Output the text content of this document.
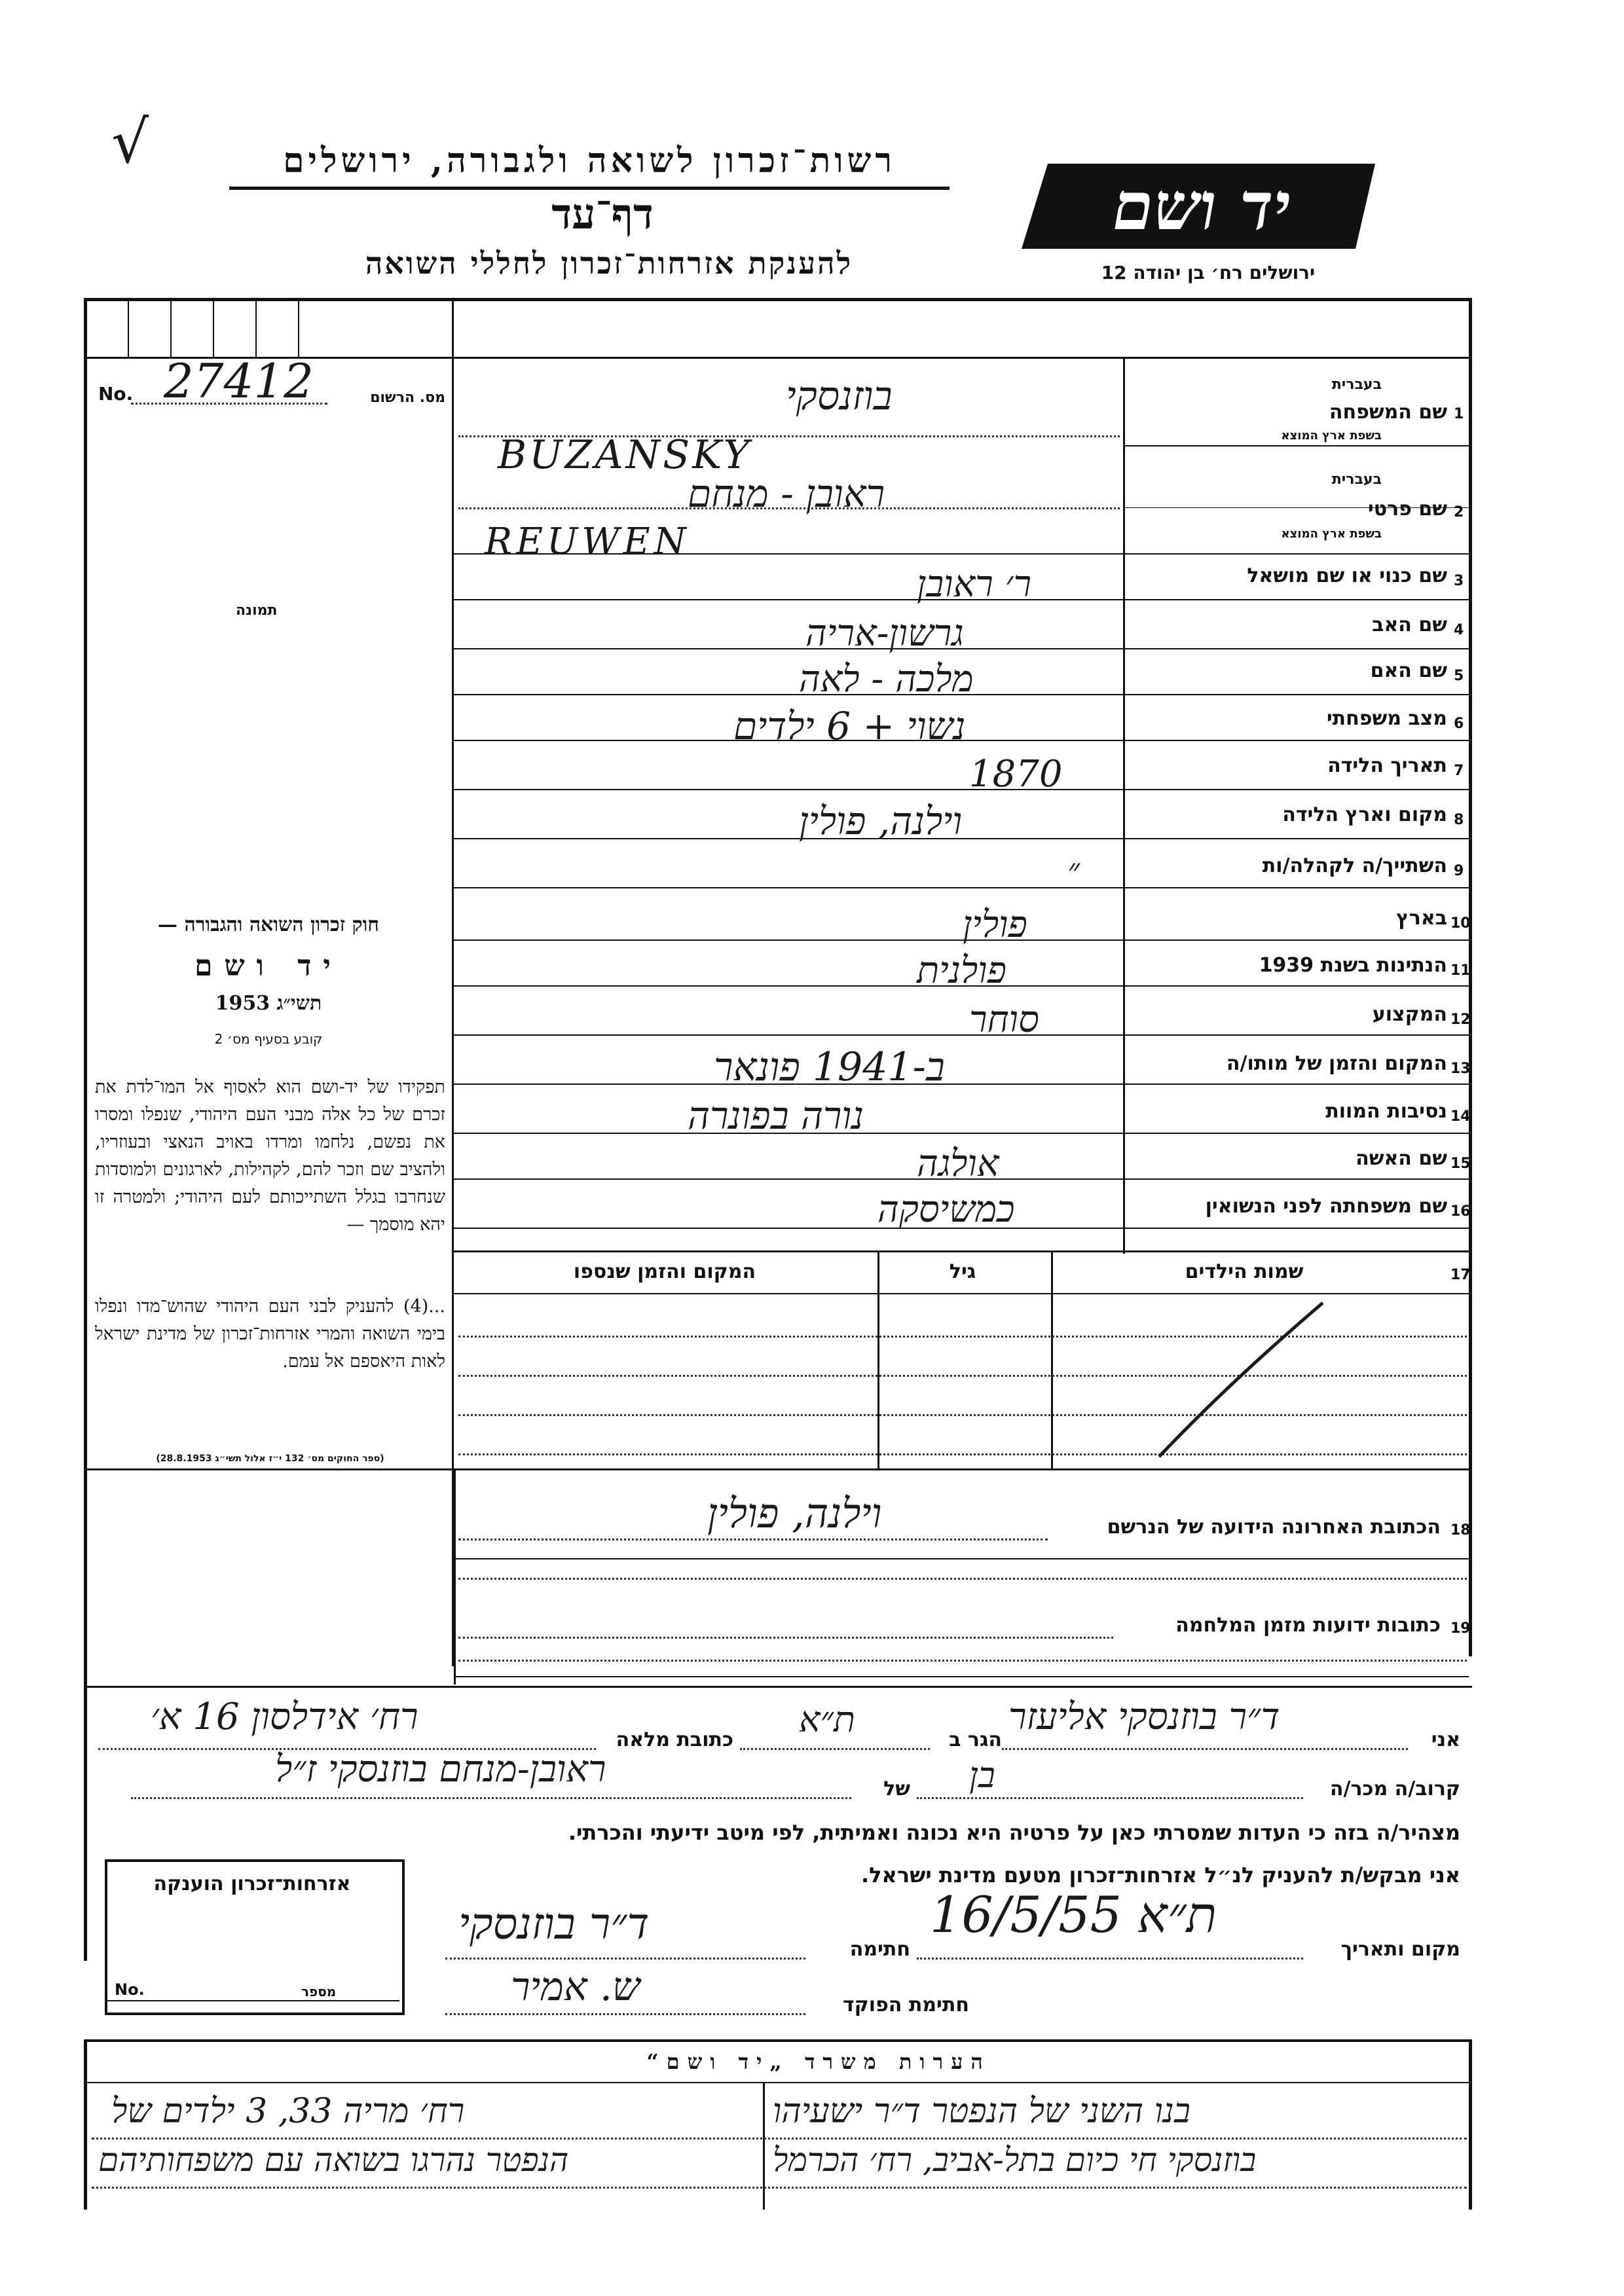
√	רשות־זכרון לשואה ולגבורה, ירושלים
דף־עד
להענקת אזרחות־זכרון לחללי השואה
יד ושם
ירושלים רח׳ בן יהודה 12
No. 27412	מס. הרשום
תמונה
חוק זכרון השואה והגבורה —
יד ושם
תשי״ג 1953
קובע בסעיף מס׳ 2
תפקידו של יד-ושם הוא לאסוף אל המו־לדת את זכרם של כל אלה מבני העם היהודי, שנפלו ומסרו את נפשם, נלחמו ומרדו באויב הנאצי ובעוזריו, ולהציב שם וזכר להם, לקהילות, לארגונים ולמוסדות שנחרבו בגלל השתייכותם לעם היהודי; ולמטרה זו יהא מוסמך —
...(4) להעניק לבני העם היהודי שהוש־מדו ונפלו בימי השואה והמרי אזרחות־זכרון של מדינת ישראל לאות היאספם אל עמם.
(ספר החוקים מס׳ 132 י״ז אלול תשי״ג 28.8.1953)
1
שם המשפחה
בעברית
בשפת ארץ המוצא
בוזנסקי
BUZANSKY
2
שם פרטי
בעברית
בשפת ארץ המוצא
ראובן - מנחם
REUWEN
3
שם כנוי או שם מושאל
ר׳ ראובן
4
שם האב
גרשון-אריה
5
שם האם
מלכה - לאה
6
מצב משפחתי
נשוי + 6 ילדים
7
תאריך הלידה
1870
8
מקום וארץ הלידה
וילנה, פולין
9
השתייך/ה לקהלה/ות
״
10
בארץ
פולין
11
הנתינות בשנת 1939
פולנית
12
המקצוע
סוחר
13
המקום והזמן של מותו/ה
ב-1941 פונאר
14
נסיבות המוות
נורה בפונרה
15
שם האשה
אולגה
16
שם משפחתה לפני הנשואין
כמשיסקה
17
שמות הילדים
גיל
המקום והזמן שנספו
18
הכתובת האחרונה הידועה של הנרשם
וילנה, פולין
19
כתובות ידועות מזמן המלחמה
אני
ד״ר בוזנסקי אליעזר
הגר ב
ת״א
כתובת מלאה
רח׳ אידלסון 16 א׳
קרוב/ה מכר/ה
בן
של
ראובן-מנחם בוזנסקי ז״ל
מצהיר/ה בזה כי העדות שמסרתי כאן על פרטיה היא נכונה ואמיתית, לפי מיטב ידיעתי והכרתי.
אני מבקש/ת להעניק לנ״ל אזרחות־זכרון מטעם מדינת ישראל.
מקום ותאריך
ת״א 16/5/55
חתימה
ד״ר בוזנסקי
חתימת הפוקד
ש. אמיר
אזרחות־זכרון הוענקה
No.	מספר
הערות משרד „יד ושם“
בנו השני של הנפטר ד״ר ישעיהו
רח׳ מריה 33, 3 ילדים של
בוזנסקי חי כיום בתל-אביב, רח׳ הכרמל
הנפטר נהרגו בשואה עם משפחותיהם
